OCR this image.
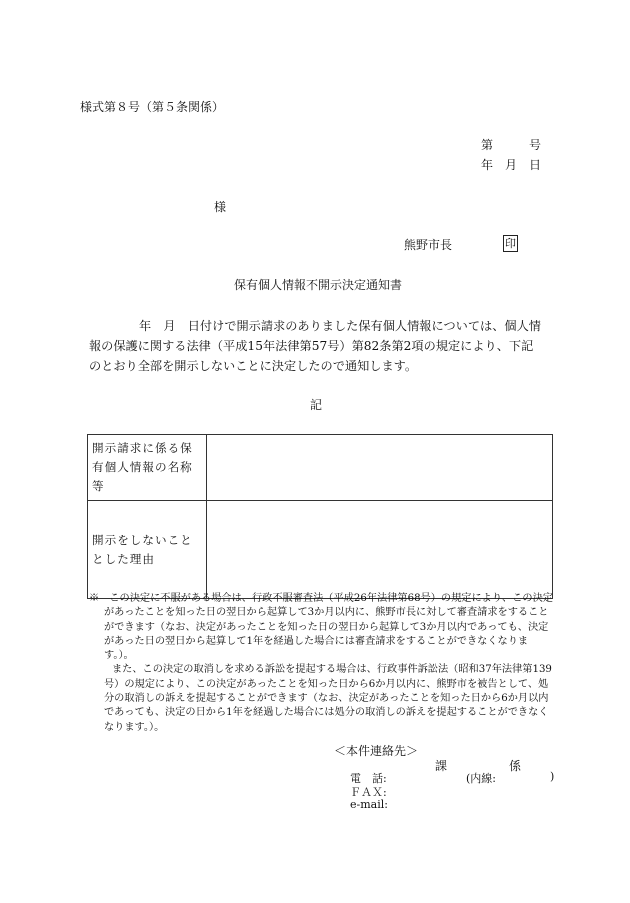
様式第８号（第５条関係）
第	号
年 月 日
様
熊野市長	印
保有個人情報不開示決定通知書

年　月　日付けで開示請求のありました保有個人情報については、個人情報の保護に関する法律（平成15年法律第57号）第82条第2項の規定により、下記のとおり全部を開示しないことに決定したので通知します。

記
開示請求に係る保有個人情報の名称等	
開示をしないこととした理由	

※　 この決定に不服がある場合は、行政不服審査法（平成26年法律第68号）の規定により、この決定があったことを知った日の翌日から起算して3か月以内に、熊野市長に対して審査請求をすることができます（なお、決定があったことを知った日の翌日から起算して3か月以内であっても、決定があった日の翌日から起算して1年を経過した場合には審査請求をすることができなくなります。）。

また、この決定の取消しを求める訴訟を提起する場合は、行政事件訴訟法（昭和37年法律第139号）の規定により、この決定があったことを知った日から6か月以内に、熊野市を被告として、処分の取消しの訴えを提起することができます（なお、決定があったことを知った日から6か月以内であっても、決定の日から1年を経過した場合には処分の取消しの訴えを提起することができなくなります。）。

＜本件連絡先＞
課	係
電　話:	(内線:	)
ＦＡＸ:
e-mail:
